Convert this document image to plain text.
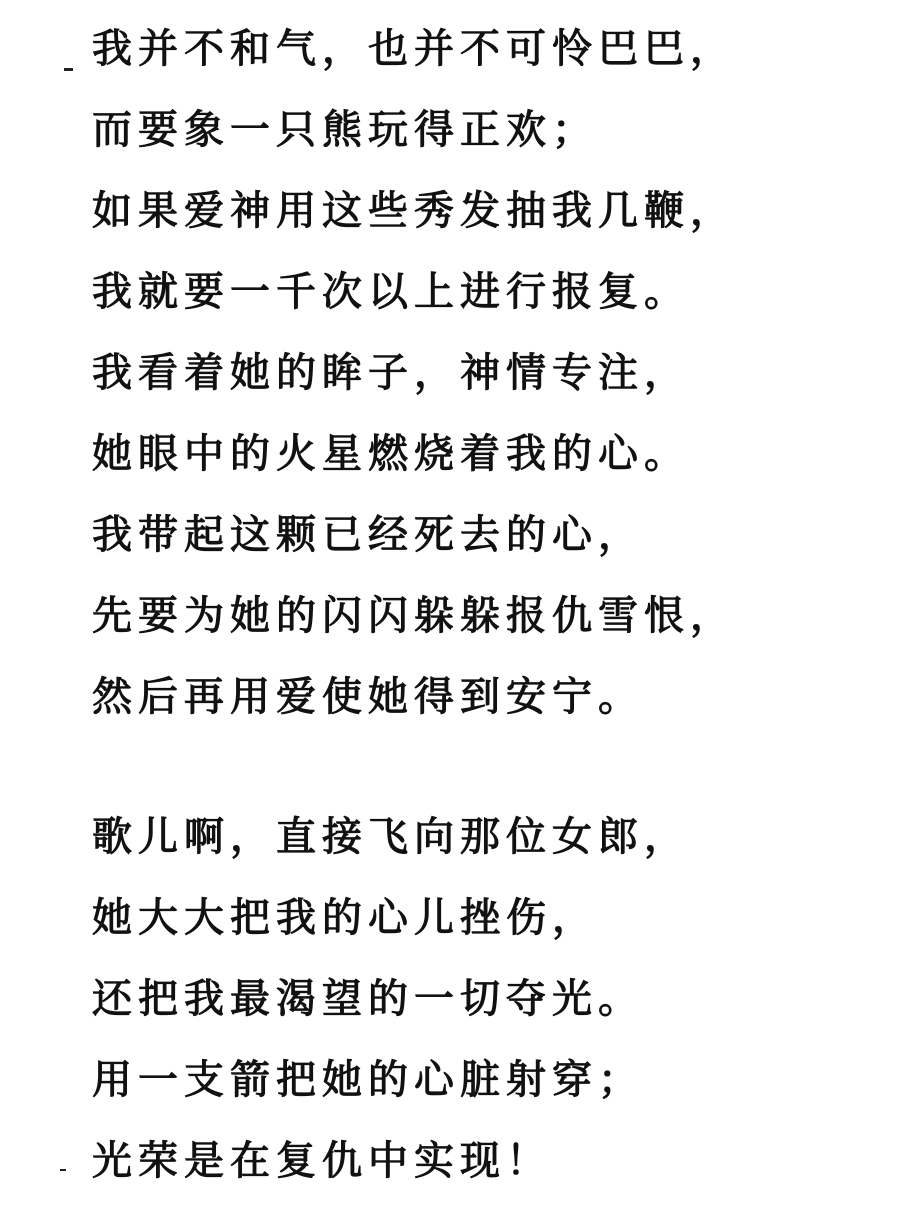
我并不和气，也并不可怜巴巴，
而要象一只熊玩得正欢；
如果爱神用这些秀发抽我几鞭，
我就要一千次以上进行报复。
我看着她的眸子，神情专注，
她眼中的火星燃烧着我的心。
我带起这颗已经死去的心，
先要为她的闪闪躲躲报仇雪恨，
然后再用爱使她得到安宁。
歌儿啊，直接飞向那位女郎，
她大大把我的心儿挫伤，
还把我最渴望的一切夺光。
用一支箭把她的心脏射穿；
光荣是在复仇中实现！
